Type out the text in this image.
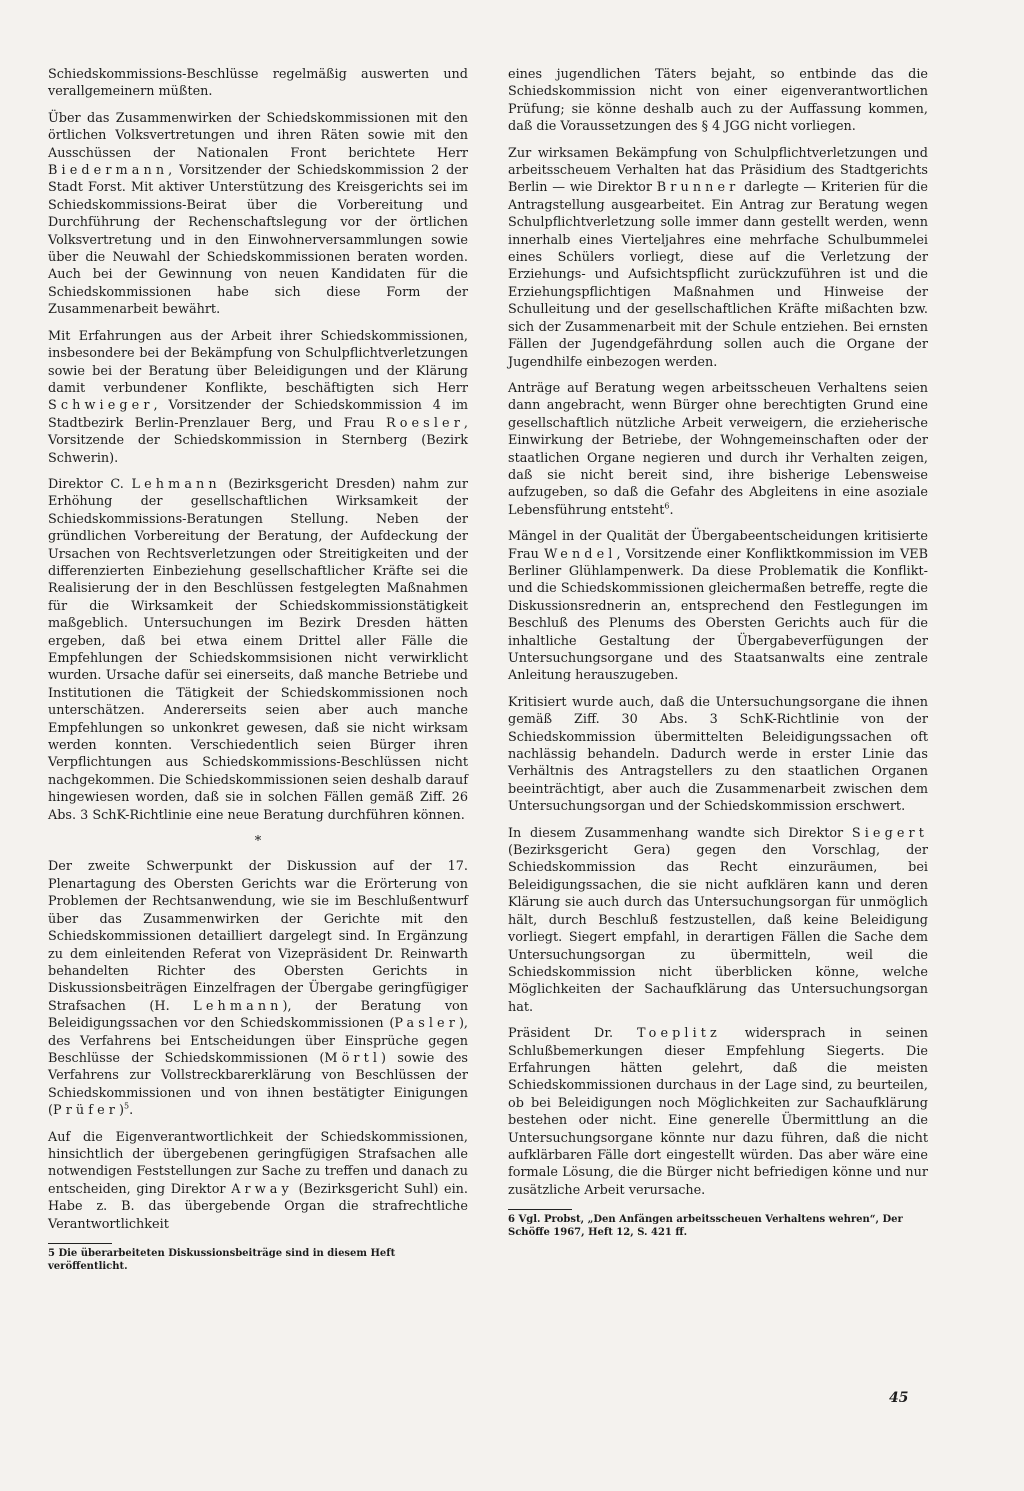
Schiedskommissions-Beschlüsse regelmäßig auswerten und verallgemeinern müßten.

Über das Zusammenwirken der Schiedskommissionen mit den örtlichen Volksvertretungen und ihren Räten sowie mit den Ausschüssen der Nationalen Front berichtete Herr Biedermann, Vorsitzender der Schiedskommission 2 der Stadt Forst. Mit aktiver Unterstützung des Kreisgerichts sei im Schiedskommissions-Beirat über die Vorbereitung und Durchführung der Rechenschaftslegung vor der örtlichen Volksvertretung und in den Einwohnerversammlungen sowie über die Neuwahl der Schiedskommissionen beraten worden. Auch bei der Gewinnung von neuen Kandidaten für die Schiedskommissionen habe sich diese Form der Zusammenarbeit bewährt.

Mit Erfahrungen aus der Arbeit ihrer Schiedskommissionen, insbesondere bei der Bekämpfung von Schulpflichtverletzungen sowie bei der Beratung über Beleidigungen und der Klärung damit verbundener Konflikte, beschäftigten sich Herr Schwieger, Vorsitzender der Schiedskommission 4 im Stadtbezirk Berlin-Prenzlauer Berg, und Frau Roesler, Vorsitzende der Schiedskommission in Sternberg (Bezirk Schwerin).

Direktor C. Lehmann (Bezirksgericht Dresden) nahm zur Erhöhung der gesellschaftlichen Wirksamkeit der Schiedskommissions-Beratungen Stellung. Neben der gründlichen Vorbereitung der Beratung, der Aufdeckung der Ursachen von Rechtsverletzungen oder Streitigkeiten und der differenzierten Einbeziehung gesellschaftlicher Kräfte sei die Realisierung der in den Beschlüssen festgelegten Maßnahmen für die Wirksamkeit der Schiedskommissionstätigkeit maßgeblich. Untersuchungen im Bezirk Dresden hätten ergeben, daß bei etwa einem Drittel aller Fälle die Empfehlungen der Schiedskommsisionen nicht verwirklicht wurden. Ursache dafür sei einerseits, daß manche Betriebe und Institutionen die Tätigkeit der Schiedskommissionen noch unterschätzen. Andererseits seien aber auch manche Empfehlungen so unkonkret gewesen, daß sie nicht wirksam werden konnten. Verschiedentlich seien Bürger ihren Verpflichtungen aus Schiedskommissions-Beschlüssen nicht nachgekommen. Die Schiedskommissionen seien deshalb darauf hingewiesen worden, daß sie in solchen Fällen gemäß Ziff. 26 Abs. 3 SchK-Richtlinie eine neue Beratung durchführen können.

*

Der zweite Schwerpunkt der Diskussion auf der 17. Plenartagung des Obersten Gerichts war die Erörterung von Problemen der Rechtsanwendung, wie sie im Beschlußentwurf über das Zusammenwirken der Gerichte mit den Schiedskommissionen detailliert dargelegt sind. In Ergänzung zu dem einleitenden Referat von Vizepräsident Dr. Reinwarth behandelten Richter des Obersten Gerichts in Diskussionsbeiträgen Einzelfragen der Übergabe geringfügiger Strafsachen (H. Lehmann), der Beratung von Beleidigungssachen vor den Schiedskommissionen (Pasler), des Verfahrens bei Entscheidungen über Einsprüche gegen Beschlüsse der Schiedskommissionen (Mörtl) sowie des Verfahrens zur Vollstreckbarerklärung von Beschlüssen der Schiedskommissionen und von ihnen bestätigter Einigungen (Prüfer)$^5$.

Auf die Eigenverantwortlichkeit der Schiedskommissionen, hinsichtlich der übergebenen geringfügigen Strafsachen alle notwendigen Feststellungen zur Sache zu treffen und danach zu entscheiden, ging Direktor Arway (Bezirksgericht Suhl) ein. Habe z. B. das übergebende Organ die strafrechtliche Verantwortlichkeit

5 Die überarbeiteten Diskussionsbeiträge sind in diesem Heft veröffentlicht.

eines jugendlichen Täters bejaht, so entbinde das die Schiedskommission nicht von einer eigenverantwortlichen Prüfung; sie könne deshalb auch zu der Auffassung kommen, daß die Voraussetzungen des § 4 JGG nicht vorliegen.

Zur wirksamen Bekämpfung von Schulpflichtverletzungen und arbeitsscheuem Verhalten hat das Präsidium des Stadtgerichts Berlin — wie Direktor Brunner darlegte — Kriterien für die Antragstellung ausgearbeitet. Ein Antrag zur Beratung wegen Schulpflichtverletzung solle immer dann gestellt werden, wenn innerhalb eines Vierteljahres eine mehrfache Schulbummelei eines Schülers vorliegt, diese auf die Verletzung der Erziehungs- und Aufsichtspflicht zurückzuführen ist und die Erziehungspflichtigen Maßnahmen und Hinweise der Schulleitung und der gesellschaftlichen Kräfte mißachten bzw. sich der Zusammenarbeit mit der Schule entziehen. Bei ernsten Fällen der Jugendgefährdung sollen auch die Organe der Jugendhilfe einbezogen werden.

Anträge auf Beratung wegen arbeitsscheuen Verhaltens seien dann angebracht, wenn Bürger ohne berechtigten Grund eine gesellschaftlich nützliche Arbeit verweigern, die erzieherische Einwirkung der Betriebe, der Wohngemeinschaften oder der staatlichen Organe negieren und durch ihr Verhalten zeigen, daß sie nicht bereit sind, ihre bisherige Lebensweise aufzugeben, so daß die Gefahr des Abgleitens in eine asoziale Lebensführung entsteht$^6$.

Mängel in der Qualität der Übergabeentscheidungen kritisierte Frau Wendel, Vorsitzende einer Konfliktkommission im VEB Berliner Glühlampenwerk. Da diese Problematik die Konflikt- und die Schiedskommissionen gleichermaßen betreffe, regte die Diskussionsrednerin an, entsprechend den Festlegungen im Beschluß des Plenums des Obersten Gerichts auch für die inhaltliche Gestaltung der Übergabeverfügungen der Untersuchungsorgane und des Staatsanwalts eine zentrale Anleitung herauszugeben.

Kritisiert wurde auch, daß die Untersuchungsorgane die ihnen gemäß Ziff. 30 Abs. 3 SchK-Richtlinie von der Schiedskommission übermittelten Beleidigungssachen oft nachlässig behandeln. Dadurch werde in erster Linie das Verhältnis des Antragstellers zu den staatlichen Organen beeinträchtigt, aber auch die Zusammenarbeit zwischen dem Untersuchungsorgan und der Schiedskommission erschwert.

In diesem Zusammenhang wandte sich Direktor Siegert (Bezirksgericht Gera) gegen den Vorschlag, der Schiedskommission das Recht einzuräumen, bei Beleidigungssachen, die sie nicht aufklären kann und deren Klärung sie auch durch das Untersuchungsorgan für unmöglich hält, durch Beschluß festzustellen, daß keine Beleidigung vorliegt. Siegert empfahl, in derartigen Fällen die Sache dem Untersuchungsorgan zu übermitteln, weil die Schiedskommission nicht überblicken könne, welche Möglichkeiten der Sachaufklärung das Untersuchungsorgan hat.

Präsident Dr. Toeplitz widersprach in seinen Schlußbemerkungen dieser Empfehlung Siegerts. Die Erfahrungen hätten gelehrt, daß die meisten Schiedskommissionen durchaus in der Lage sind, zu beurteilen, ob bei Beleidigungen noch Möglichkeiten zur Sachaufklärung bestehen oder nicht. Eine generelle Übermittlung an die Untersuchungsorgane könnte nur dazu führen, daß die nicht aufklärbaren Fälle dort eingestellt würden. Das aber wäre eine formale Lösung, die die Bürger nicht befriedigen könne und nur zusätzliche Arbeit verursache.

6 Vgl. Probst, „Den Anfängen arbeitsscheuen Verhaltens wehren“, Der Schöffe 1967, Heft 12, S. 421 ff.

45
